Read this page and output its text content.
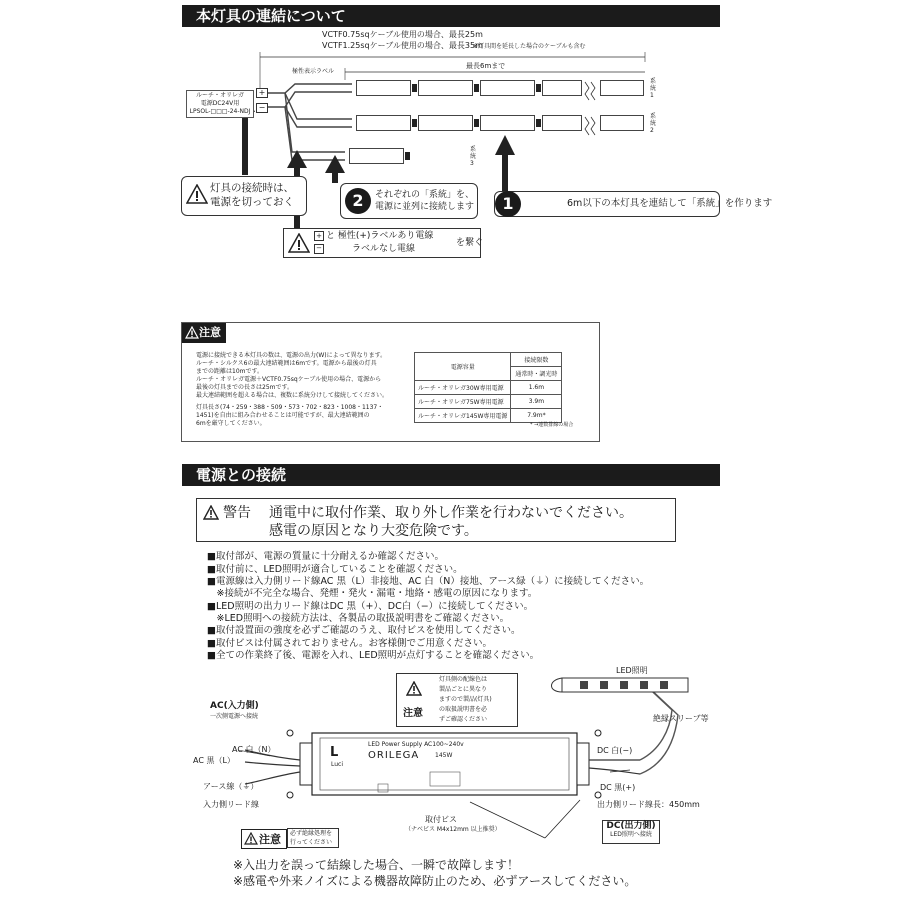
本灯具の連結について
VCTF0.75sqケーブル使用の場合、最長25m
VCTF1.25sqケーブル使用の場合、最長35m
※灯具間を延長した場合のケーブルも含む
ルーチ・オリレガ
電源DC24V用
LPSOL-□□□-24-NDJ
+
−
極性表示ラベル
最長6mまで
系統1
系統2
系統3
灯具の接続時は、
電源を切っておく	2	それぞれの「系統」を、
電源に並列に接続します	1	6m以下の本灯具を連結して「系統」を作ります
+ と 極性(+)ラベルあり電線
−	ラベルなし電線
を繋ぐ
注意
電源に接続できる本灯具の数は、電源の出力(W)によって異なります。
ルーチ・シルクス6の最大連結範囲は6mです。電源から最後の灯具
までの距離は10mです。
ルーチ・オリレガ電源＋VCTF0.75sqケーブル使用の場合、電源から
最後の灯具までの長さは25mです。
最大連結範囲を超える場合は、複数に系統分けして接続してください。
灯具長さ(74・259・388・509・573・702・823・1008・1137・
1451)を自由に組み合わせることは可能ですが、最大連結範囲の
6mを厳守してください。
電源容量	接続限数
	通常時・調光時
ルーチ・オリレガ30W専用電源	1.6m
ルーチ・オリレガ75W専用電源	3.9m
ルーチ・オリレガ145W専用電源	7.9m*
* →連数排線の場合
電源との接続
警告 通電中に取付作業、取り外し作業を行わないでください。
感電の原因となり大変危険です。
■取付部が、電源の質量に十分耐えるか確認ください。
■取付前に、LED照明が適合していることを確認ください。
■電源線は入力側リード線AC 黒（L）非接地、AC 白（N）接地、アース緑（⏚）に接続してください。
　※接続が不完全な場合、発煙・発火・漏電・地絡・感電の原因になります。
■LED照明の出力リード線はDC 黒（+）、DC白（−）に接続してください。
　※LED照明への接続方法は、各製品の取扱説明書をご確認ください。
■取付設置面の強度を必ずご確認のうえ、取付ビスを使用してください。
■取付ビスは付属されておりません。お客様側でご用意ください。
■全ての作業終了後、電源を入れ、LED照明が点灯することを確認ください。
AC(入力側)
一次側電源へ接続
AC 白（N）
AC 黒（L）
アース線（⏚）
入力側リード線
L
Luci
LED Power Supply AC100~240v
ORILEGA	145W
注意
灯具側の配線色は
製品ごとに異なり
ますので製品(灯具)
の取扱説明書を必
ずご確認ください
LED照明
絶縁スリーブ等
DC 白(−)
DC 黒(+)
出力側リード線長：450mm
取付ビス
（ナベビス M4x12mm 以上推奨）
注意 必ず絶縁処理を
行ってください
DC(出力側)
LED照明へ接続
※入出力を誤って結線した場合、一瞬で故障します！
※感電や外来ノイズによる機器故障防止のため、必ずアースしてください。
